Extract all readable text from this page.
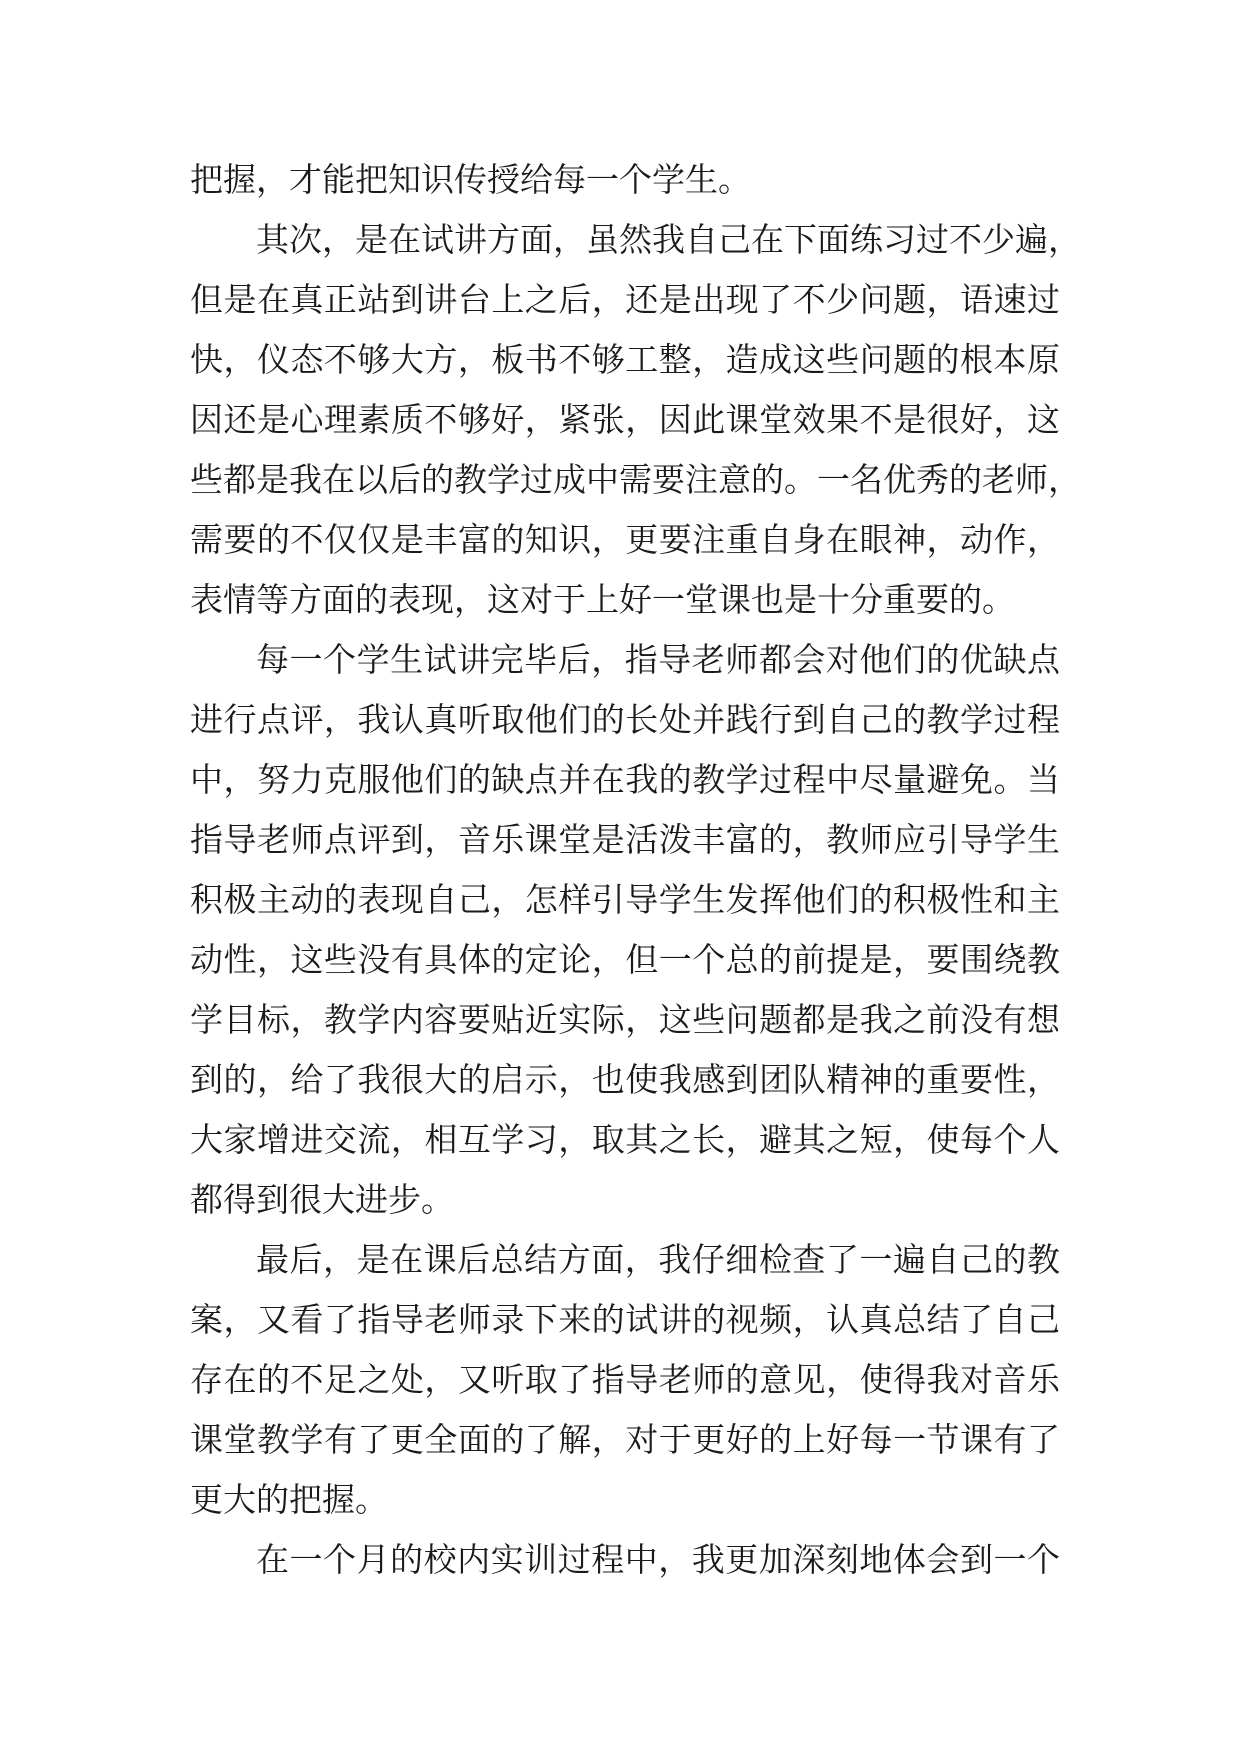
把握，才能把知识传授给每一个学生。
其次，是在试讲方面，虽然我自己在下面练习过不少遍，
但是在真正站到讲台上之后，还是出现了不少问题，语速过
快，仪态不够大方，板书不够工整，造成这些问题的根本原
因还是心理素质不够好，紧张，因此课堂效果不是很好，这
些都是我在以后的教学过成中需要注意的。一名优秀的老师，
需要的不仅仅是丰富的知识，更要注重自身在眼神，动作，
表情等方面的表现，这对于上好一堂课也是十分重要的。
每一个学生试讲完毕后，指导老师都会对他们的优缺点
进行点评，我认真听取他们的长处并践行到自己的教学过程
中，努力克服他们的缺点并在我的教学过程中尽量避免。当
指导老师点评到，音乐课堂是活泼丰富的，教师应引导学生
积极主动的表现自己，怎样引导学生发挥他们的积极性和主
动性，这些没有具体的定论，但一个总的前提是，要围绕教
学目标，教学内容要贴近实际，这些问题都是我之前没有想
到的，给了我很大的启示，也使我感到团队精神的重要性，
大家增进交流，相互学习，取其之长，避其之短，使每个人
都得到很大进步。
最后，是在课后总结方面，我仔细检查了一遍自己的教
案，又看了指导老师录下来的试讲的视频，认真总结了自己
存在的不足之处，又听取了指导老师的意见，使得我对音乐
课堂教学有了更全面的了解，对于更好的上好每一节课有了
更大的把握。
在一个月的校内实训过程中，我更加深刻地体会到一个
